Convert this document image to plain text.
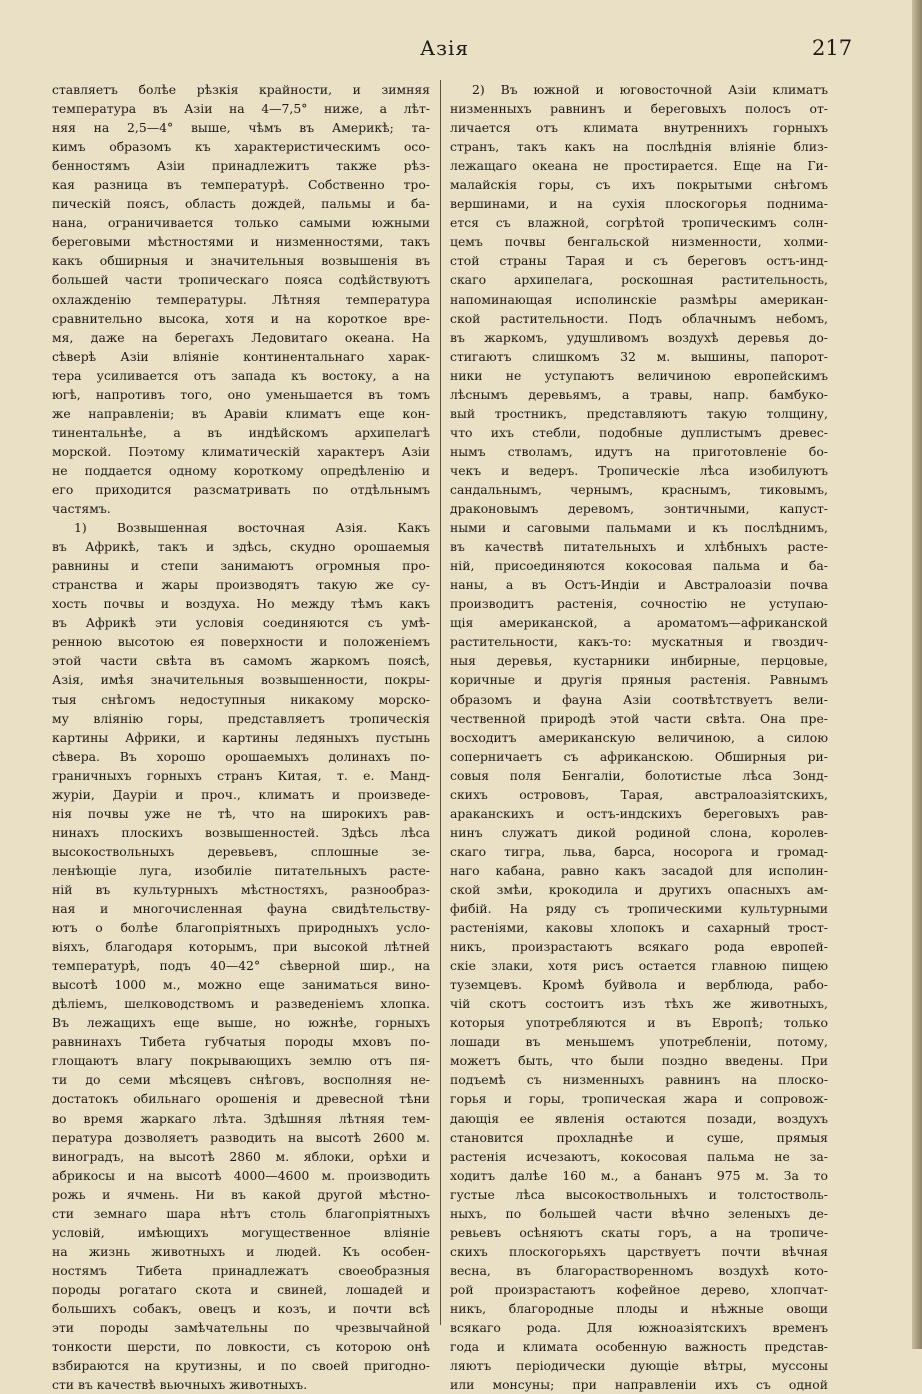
Азія	217
ставляетъ болѣе рѣзкія крайности, и зимняя
температура въ Азіи на 4—7,5° ниже, а лѣт-
няя на 2,5—4° выше, чѣмъ въ Америкѣ; та-
кимъ образомъ къ характеристическимъ осо-
бенностямъ Азіи принадлежитъ также рѣз-
кая разница въ температурѣ. Собственно тро-
пическій поясъ, область дождей, пальмы и ба-
нана, ограничивается только самыми южными
береговыми мѣстностями и низменностями, такъ
какъ обширныя и значительныя возвышенія въ
большей части тропическаго пояса содѣйствуютъ
охлажденію температуры. Лѣтняя температура
сравнительно высока, хотя и на короткое вре-
мя, даже на берегахъ Ледовитаго океана. На
сѣверѣ Азіи вліяніе континентальнаго харак-
тера усиливается отъ запада къ востоку, а на
югѣ, напротивъ того, оно уменьшается въ томъ
же направленіи; въ Аравіи климатъ еще кон-
тинентальнѣе, а въ индѣйскомъ архипелагѣ
морской. Поэтому климатическій характеръ Азіи
не поддается одному короткому опредѣленію и
его приходится разсматривать по отдѣльнымъ
частямъ.
1) Возвышенная восточная Азія. Какъ
въ Африкѣ, такъ и здѣсь, скудно орошаемыя
равнины и степи занимаютъ огромныя про-
странства и жары производятъ такую же су-
хость почвы и воздуха. Но между тѣмъ какъ
въ Африкѣ эти условія соединяются съ умѣ-
ренною высотою ея поверхности и положеніемъ
этой части свѣта въ самомъ жаркомъ поясѣ,
Азія, имѣя значительныя возвышенности, покры-
тыя снѣгомъ недоступныя никакому морско-
му вліянію горы, представляетъ тропическія
картины Африки, и картины ледяныхъ пустынь
сѣвера. Въ хорошо орошаемыхъ долинахъ по-
граничныхъ горныхъ странъ Китая, т. е. Манд-
журіи, Дауріи и проч., климатъ и произведе-
нія почвы уже не тѣ, что на широкихъ рав-
нинахъ плоскихъ возвышенностей. Здѣсь лѣса
высокоствольныхъ деревьевъ, сплошные зе-
ленѣющіе луга, изобиліе питательныхъ расте-
ній въ культурныхъ мѣстностяхъ, разнообраз-
ная и многочисленная фауна свидѣтельству-
ютъ о болѣе благопріятныхъ природныхъ усло-
віяхъ, благодаря которымъ, при высокой лѣтней
температурѣ, подъ 40—42° сѣверной шир., на
высотѣ 1000 м., можно еще заниматься вино-
дѣліемъ, шелководствомъ и разведеніемъ хлопка.
Въ лежащихъ еще выше, но южнѣе, горныхъ
равнинахъ Тибета губчатыя породы мховъ по-
глощаютъ влагу покрывающихъ землю отъ пя-
ти до семи мѣсяцевъ снѣговъ, восполняя не-
достатокъ обильнаго орошенія и древесной тѣни
во время жаркаго лѣта. Здѣшняя лѣтняя тем-
пература дозволяетъ разводить на высотѣ 2600 м.
виноградъ, на высотѣ 2860 м. яблоки, орѣхи и
абрикосы и на высотѣ 4000—4600 м. производить
рожь и ячмень. Ни въ какой другой мѣстно-
сти земнаго шара нѣтъ столь благопріятныхъ
условій, имѣющихъ могущественное вліяніе
на жизнь животныхъ и людей. Къ особен-
ностямъ Тибета принадлежатъ своеобразныя
породы рогатаго скота и свиней, лошадей и
большихъ собакъ, овецъ и козъ, и почти всѣ
эти породы замѣчательны по чрезвычайной
тонкости шерсти, по ловкости, съ которою онѣ
взбираются на крутизны, и по своей пригодно-
сти въ качествѣ вьючныхъ животныхъ.
2) Въ южной и юговосточной Азіи климатъ
низменныхъ равнинъ и береговыхъ полосъ от-
личается отъ климата внутреннихъ горныхъ
странъ, такъ какъ на послѣднія вліяніе близ-
лежащаго океана не простирается. Еще на Ги-
малайскія горы, съ ихъ покрытыми снѣгомъ
вершинами, и на сухія плоскогорья поднима-
ется съ влажной, согрѣтой тропическимъ солн-
цемъ почвы бенгальской низменности, холми-
стой страны Тарая и съ береговъ остъ-инд-
скаго архипелага, роскошная растительность,
напоминающая исполинскіе размѣры американ-
ской растительности. Подъ облачнымъ небомъ,
въ жаркомъ, удушливомъ воздухѣ деревья до-
стигаютъ слишкомъ 32 м. вышины, папорот-
ники не уступаютъ величиною европейскимъ
лѣснымъ деревьямъ, а травы, напр. бамбуко-
вый тростникъ, представляютъ такую толщину,
что ихъ стебли, подобные дуплистымъ древес-
нымъ стволамъ, идутъ на приготовленіе бо-
чекъ и ведеръ. Тропическіе лѣса изобилуютъ
сандальнымъ, чернымъ, краснымъ, тиковымъ,
драконовымъ деревомъ, зонтичными, капуст-
ными и саговыми пальмами и къ послѣднимъ,
въ качествѣ питательныхъ и хлѣбныхъ расте-
ній, присоединяются кокосовая пальма и ба-
наны, а въ Остъ-Индіи и Австралоазіи почва
производитъ растенія, сочностію не уступаю-
щія американской, а ароматомъ—африканской
растительности, какъ-то: мускатныя и гвоздич-
ныя деревья, кустарники инбирные, перцовые,
коричные и другія пряныя растенія. Равнымъ
образомъ и фауна Азіи соотвѣтствуетъ вели-
чественной природѣ этой части свѣта. Она пре-
восходитъ американскую величиною, а силою
соперничаетъ съ африканскою. Обширныя ри-
совыя поля Бенгаліи, болотистые лѣса Зонд-
скихъ острововъ, Тарая, австралоазіятскихъ,
араканскихъ и остъ-индскихъ береговыхъ рав-
нинъ служатъ дикой родиной слона, королев-
скаго тигра, льва, барса, носорога и громад-
наго кабана, равно какъ засадой для исполин-
ской змѣи, крокодила и другихъ опасныхъ ам-
фибій. На ряду съ тропическими культурными
растеніями, каковы хлопокъ и сахарный трост-
никъ, произрастаютъ всякаго рода европей-
скіе злаки, хотя рисъ остается главною пищею
туземцевъ. Кромѣ буйвола и верблюда, рабо-
чій скотъ состоитъ изъ тѣхъ же животныхъ,
которыя употребляются и въ Европѣ; только
лошади въ меньшемъ употребленіи, потому,
можетъ быть, что были поздно введены. При
подъемѣ съ низменныхъ равнинъ на плоско-
горья и горы, тропическая жара и сопровож-
дающія ее явленія остаются позади, воздухъ
становится прохладнѣе и суше, прямыя
растенія исчезаютъ, кокосовая пальма не за-
ходитъ далѣе 160 м., а бананъ 975 м. За то
густые лѣса высокоствольныхъ и толстостволь-
ныхъ, по большей части вѣчно зеленыхъ де-
ревьевъ осѣняютъ скаты горъ, а на тропиче-
скихъ плоскогорьяхъ царствуетъ почти вѣчная
весна, въ благорастворенномъ воздухѣ кото-
рой произрастаютъ кофейное дерево, хлопчат-
никъ, благородные плоды и нѣжные овощи
всякаго рода. Для южноазіятскихъ временъ
года и климата особенную важность представ-
ляютъ періодически дующіе вѣтры, муссоны
или монсуны; при направленіи ихъ съ одной
